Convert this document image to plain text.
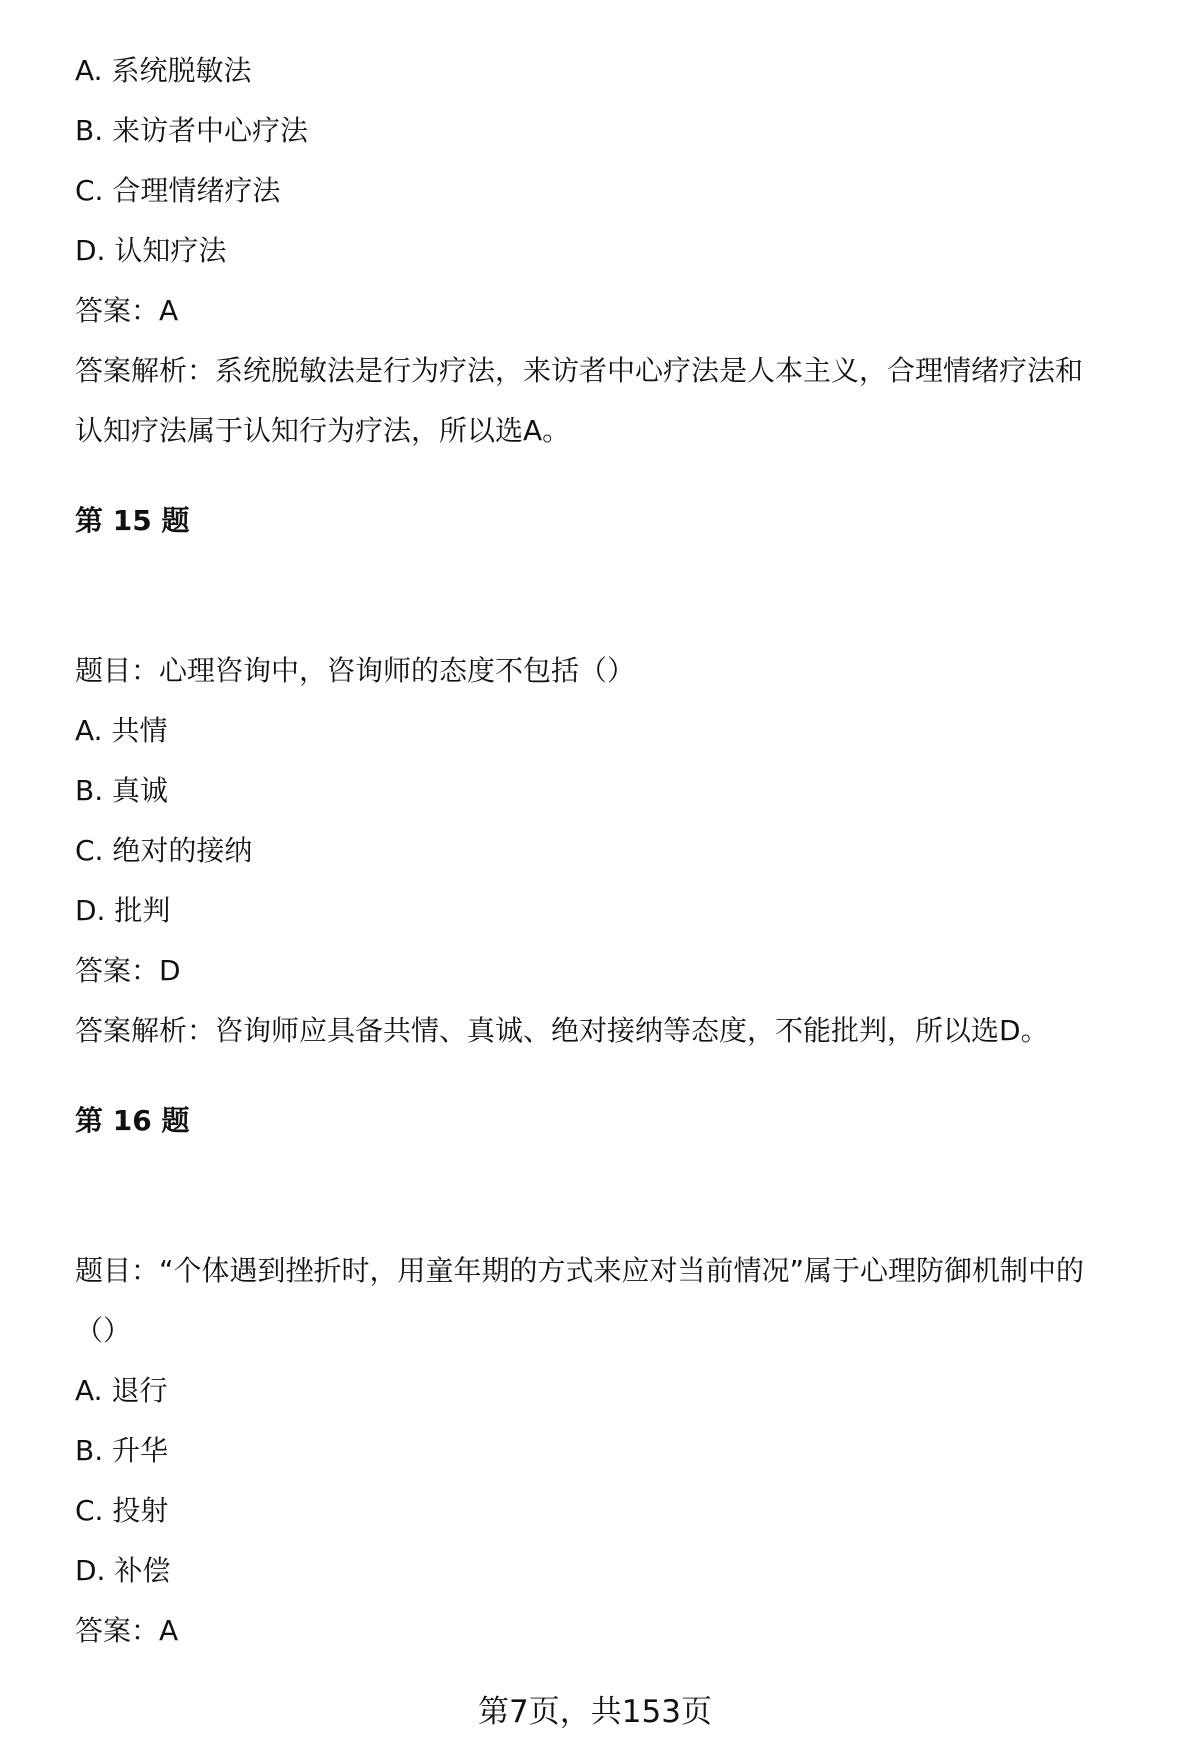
A. 系统脱敏法
B. 来访者中心疗法
C. 合理情绪疗法
D. 认知疗法
答案：A
答案解析：系统脱敏法是行为疗法，来访者中心疗法是人本主义，合理情绪疗法和
认知疗法属于认知行为疗法，所以选A。
第 15 题
题目：心理咨询中，咨询师的态度不包括（）
A. 共情
B. 真诚
C. 绝对的接纳
D. 批判
答案：D
答案解析：咨询师应具备共情、真诚、绝对接纳等态度，不能批判，所以选D。
第 16 题
题目：“个体遇到挫折时，用童年期的方式来应对当前情况”属于心理防御机制中的
（）
A. 退行
B. 升华
C. 投射
D. 补偿
答案：A
第7页，共153页
